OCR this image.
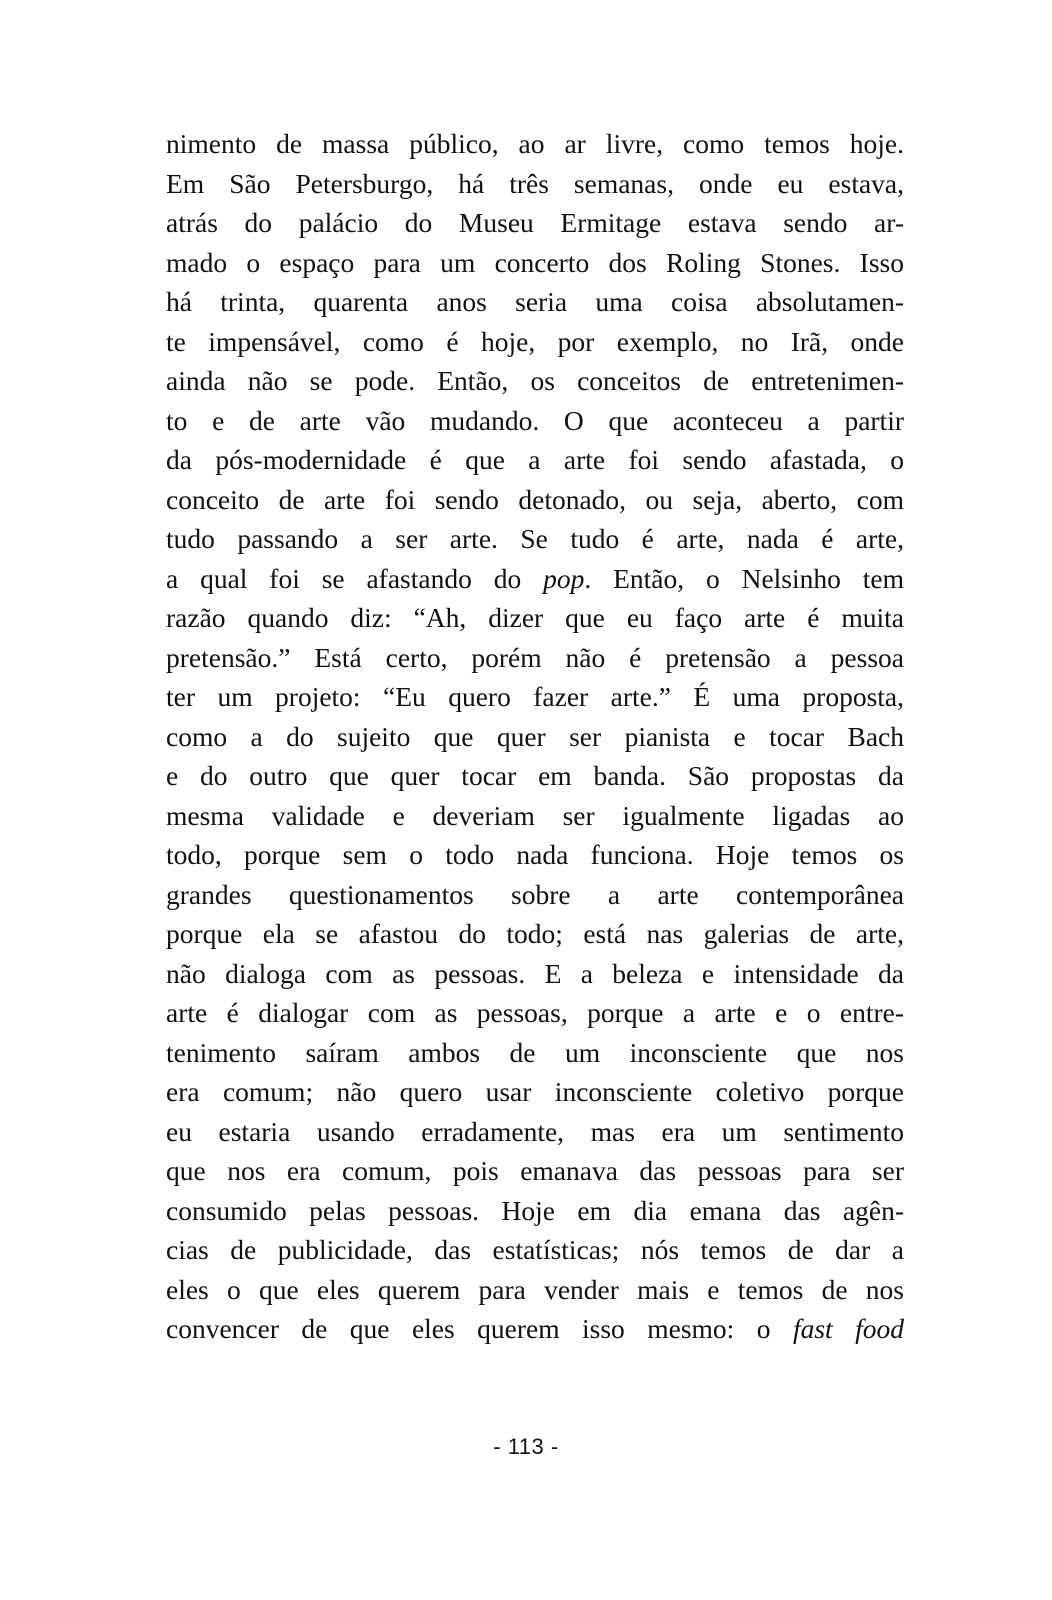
nimento de massa público, ao ar livre, como temos hoje.
Em São Petersburgo, há três semanas, onde eu estava,
atrás do palácio do Museu Ermitage estava sendo ar-
mado o espaço para um concerto dos Roling Stones. Isso
há trinta, quarenta anos seria uma coisa absolutamen-
te impensável, como é hoje, por exemplo, no Irã, onde
ainda não se pode. Então, os conceitos de entretenimen-
to e de arte vão mudando. O que aconteceu a partir
da pós-modernidade é que a arte foi sendo afastada, o
conceito de arte foi sendo detonado, ou seja, aberto, com
tudo passando a ser arte. Se tudo é arte, nada é arte,
a qual foi se afastando do pop. Então, o Nelsinho tem
razão quando diz: “Ah, dizer que eu faço arte é muita
pretensão.” Está certo, porém não é pretensão a pessoa
ter um projeto: “Eu quero fazer arte.” É uma proposta,
como a do sujeito que quer ser pianista e tocar Bach
e do outro que quer tocar em banda. São propostas da
mesma validade e deveriam ser igualmente ligadas ao
todo, porque sem o todo nada funciona. Hoje temos os
grandes questionamentos sobre a arte contemporânea
porque ela se afastou do todo; está nas galerias de arte,
não dialoga com as pessoas. E a beleza e intensidade da
arte é dialogar com as pessoas, porque a arte e o entre-
tenimento saíram ambos de um inconsciente que nos
era comum; não quero usar inconsciente coletivo porque
eu estaria usando erradamente, mas era um sentimento
que nos era comum, pois emanava das pessoas para ser
consumido pelas pessoas. Hoje em dia emana das agên-
cias de publicidade, das estatísticas; nós temos de dar a
eles o que eles querem para vender mais e temos de nos
convencer de que eles querem isso mesmo: o fast food
- 113 -
